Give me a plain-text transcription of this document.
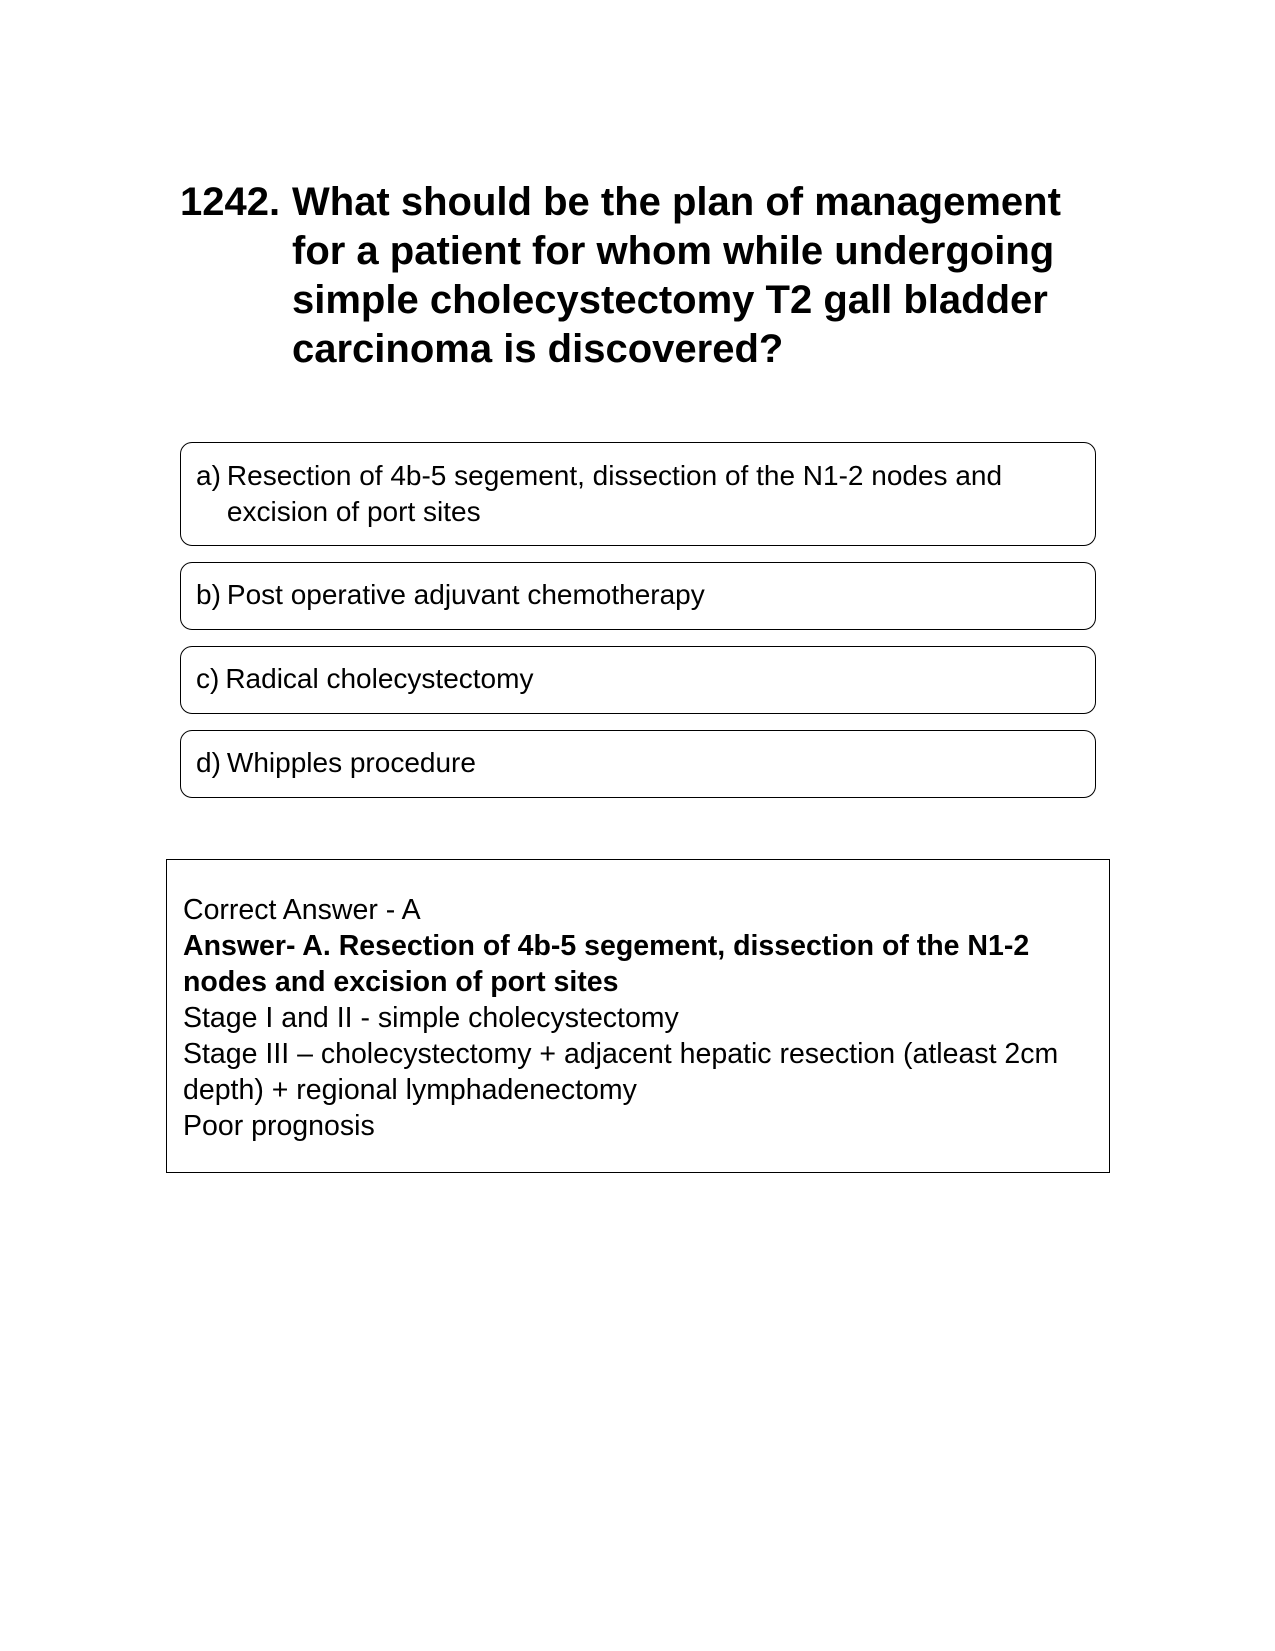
1242. What should be the plan of management for a patient for whom while undergoing simple cholecystectomy T2 gall bladder carcinoma is discovered?
a) Resection of 4b-5 segement, dissection of the N1-2 nodes and excision of port sites
b) Post operative adjuvant chemotherapy
c) Radical cholecystectomy
d) Whipples procedure
Correct Answer - A
Answer- A. Resection of 4b-5 segement, dissection of the N1-2 nodes and excision of port sites
Stage I and II - simple cholecystectomy
Stage III – cholecystectomy + adjacent hepatic resection (atleast 2cm depth) + regional lymphadenectomy
Poor prognosis
